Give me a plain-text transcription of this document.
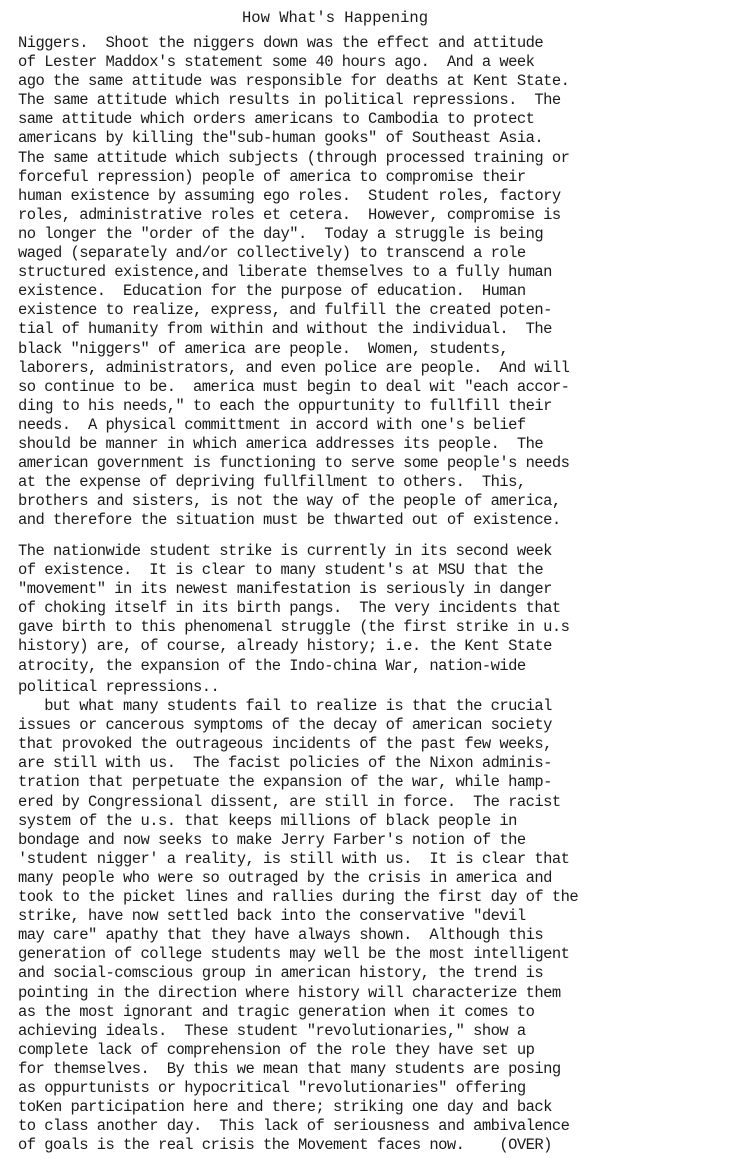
How What's Happening
Niggers.  Shoot the niggers down was the effect and attitude
of Lester Maddox's statement some 40 hours ago.  And a week
ago the same attitude was responsible for deaths at Kent State.
The same attitude which results in political repressions.  The
same attitude which orders americans to Cambodia to protect
americans by killing the"sub-human gooks" of Southeast Asia.
The same attitude which subjects (through processed training or
forceful repression) people of america to compromise their
human existence by assuming ego roles.  Student roles, factory
roles, administrative roles et cetera.  However, compromise is
no longer the "order of the day".  Today a struggle is being
waged (separately and/or collectively) to transcend a role
structured existence,and liberate themselves to a fully human
existence.  Education for the purpose of education.  Human
existence to realize, express, and fulfill the created poten-
tial of humanity from within and without the individual.  The
black "niggers" of america are people.  Women, students,
laborers, administrators, and even police are people.  And will
so continue to be.  america must begin to deal wit "each accor-
ding to his needs," to each the oppurtunity to fullfill their
needs.  A physical committment in accord with one's belief
should be manner in which america addresses its people.  The
american government is functioning to serve some people's needs
at the expense of depriving fullfillment to others.  This,
brothers and sisters, is not the way of the people of america,
and therefore the situation must be thwarted out of existence.
The nationwide student strike is currently in its second week
of existence.  It is clear to many student's at MSU that the
"movement" in its newest manifestation is seriously in danger
of choking itself in its birth pangs.  The very incidents that
gave birth to this phenomenal struggle (the first strike in u.s
history) are, of course, already history; i.e. the Kent State
atrocity, the expansion of the Indo-china War, nation-wide
political repressions..
but what many students fail to realize is that the crucial
issues or cancerous symptoms of the decay of american society
that provoked the outrageous incidents of the past few weeks,
are still with us.  The facist policies of the Nixon adminis-
tration that perpetuate the expansion of the war, while hamp-
ered by Congressional dissent, are still in force.  The racist
system of the u.s. that keeps millions of black people in
bondage and now seeks to make Jerry Farber's notion of the
'student nigger' a reality, is still with us.  It is clear that
many people who were so outraged by the crisis in america and
took to the picket lines and rallies during the first day of the
strike, have now settled back into the conservative "devil
may care" apathy that they have always shown.  Although this
generation of college students may well be the most intelligent
and social-comscious group in american history, the trend is
pointing in the direction where history will characterize them
as the most ignorant and tragic generation when it comes to
achieving ideals.  These student "revolutionaries," show a
complete lack of comprehension of the role they have set up
for themselves.  By this we mean that many students are posing
as oppurtunists or hypocritical "revolutionaries" offering
toKen participation here and there; striking one day and back
to class another day.  This lack of seriousness and ambivalence
of goals is the real crisis the Movement faces now.    (OVER)
